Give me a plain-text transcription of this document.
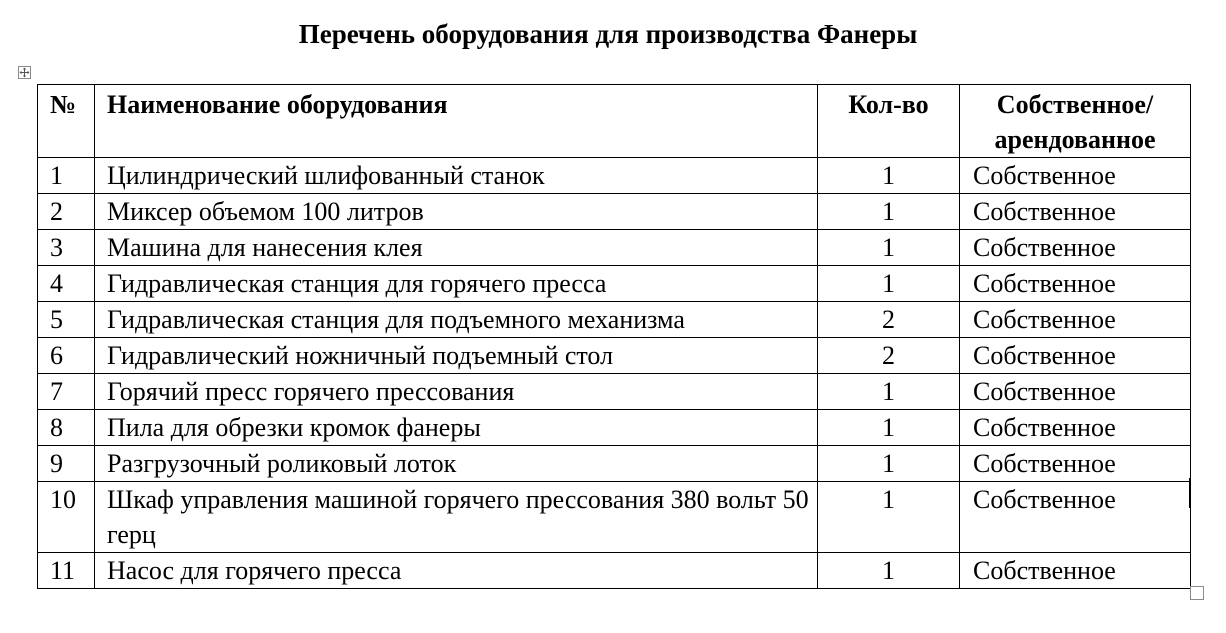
Перечень оборудования для производства Фанеры
№	Наименование оборудования	Кол-во	Собственное/ арендованное
1	Цилиндрический шлифованный станок	1	Собственное
2	Миксер объемом 100 литров	1	Собственное
3	Машина для нанесения клея	1	Собственное
4	Гидравлическая станция для горячего пресса	1	Собственное
5	Гидравлическая станция для подъемного механизма	2	Собственное
6	Гидравлический ножничный подъемный стол	2	Собственное
7	Горячий пресс горячего прессования	1	Собственное
8	Пила для обрезки кромок фанеры	1	Собственное
9	Разгрузочный роликовый лоток	1	Собственное
10	Шкаф управления машиной горячего прессования 380 вольт 50 герц	1	Собственное
11	Насос для горячего пресса	1	Собственное
